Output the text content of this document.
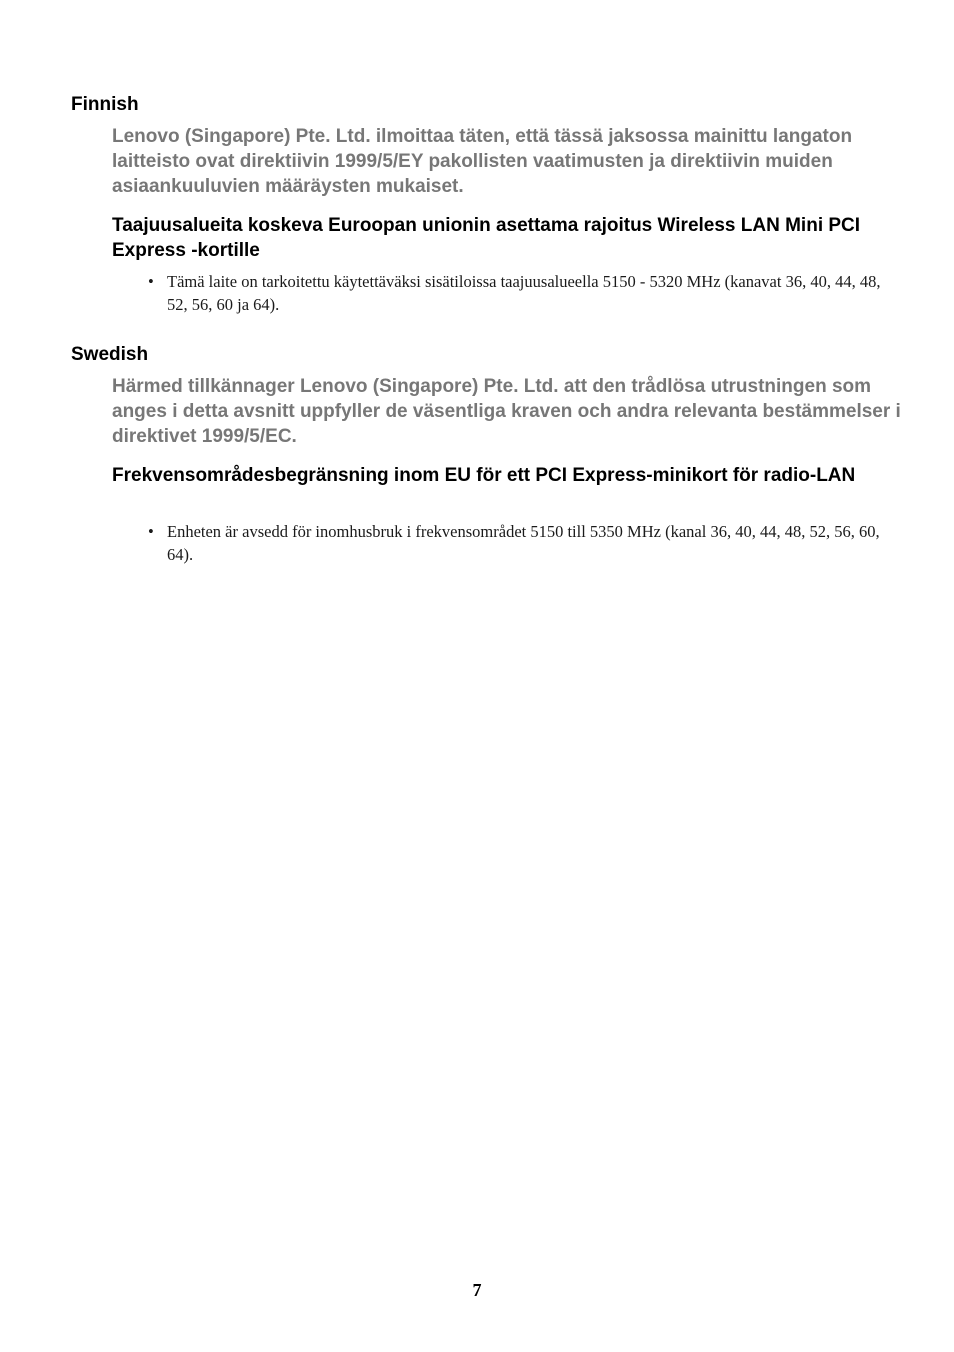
Finnish

Lenovo (Singapore) Pte. Ltd. ilmoittaa täten, että tässä jaksossa mainittu langaton laitteisto ovat direktiivin 1999/5/EY pakollisten vaatimusten ja direktiivin muiden asiaankuuluvien määräysten mukaiset.

Taajuusalueita koskeva Euroopan unionin asettama rajoitus Wireless LAN Mini PCI Express -kortille
• Tämä laite on tarkoitettu käytettäväksi sisätiloissa taajuusalueella 5150 - 5320 MHz (kanavat 36, 40, 44, 48, 52, 56, 60 ja 64).
Swedish

Härmed tillkännager Lenovo (Singapore) Pte. Ltd. att den trådlösa utrustningen som anges i detta avsnitt uppfyller de väsentliga kraven och andra relevanta bestämmelser i direktivet 1999/5/EC.

Frekvensområdesbegränsning inom EU för ett PCI Express-minikort för radio-LAN
• Enheten är avsedd för inomhusbruk i frekvensområdet 5150 till 5350 MHz (kanal 36, 40, 44, 48, 52, 56, 60, 64).

7
